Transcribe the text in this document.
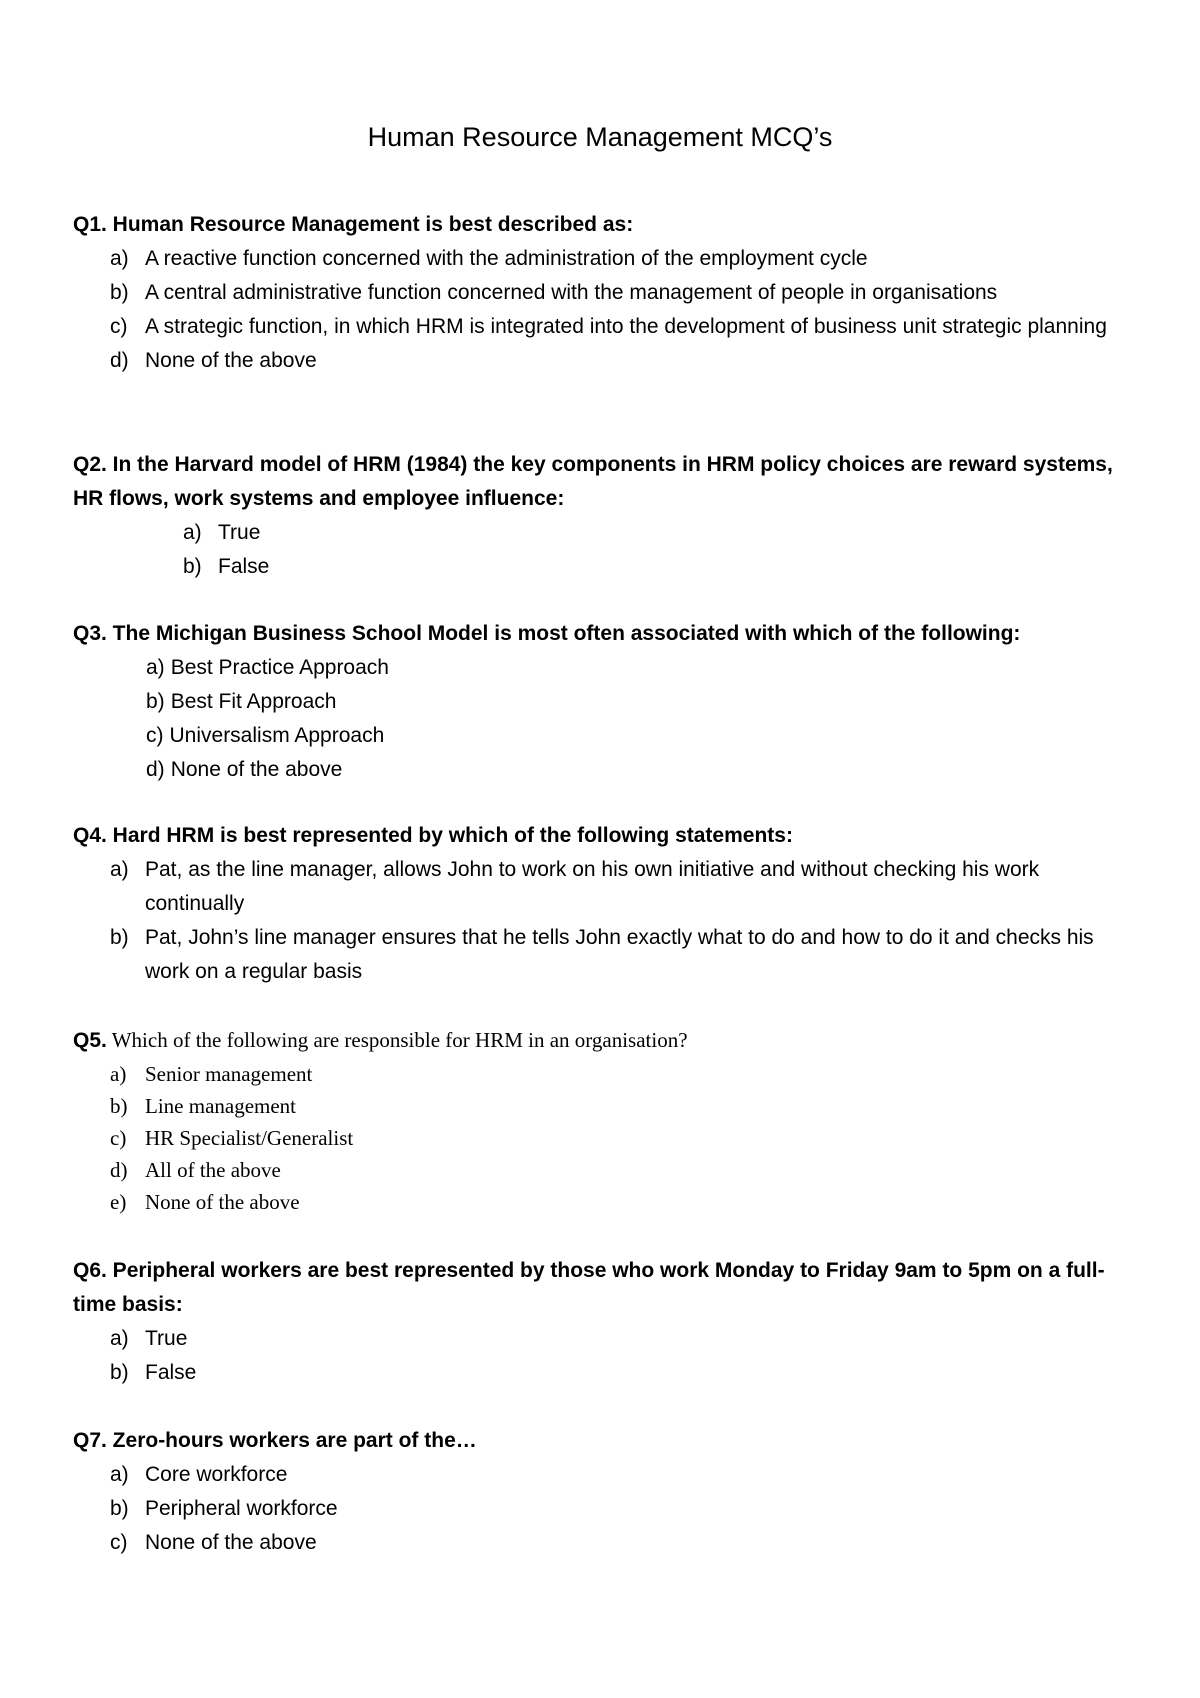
Human Resource Management MCQ’s

Q1. Human Resource Management is best described as:

a) A reactive function concerned with the administration of the employment cycle
b) A central administrative function concerned with the management of people in organisations
c) A strategic function, in which HRM is integrated into the development of business unit strategic planning
d) None of the above

Q2. In the Harvard model of HRM (1984) the key components in HRM policy choices are reward systems, HR flows, work systems and employee influence:

a) True
b) False

Q3. The Michigan Business School Model is most often associated with which of the following:

a) Best Practice Approach
b) Best Fit Approach
c) Universalism Approach
d) None of the above

Q4. Hard HRM is best represented by which of the following statements:

a) Pat, as the line manager, allows John to work on his own initiative and without checking his work continually
b) Pat, John’s line manager ensures that he tells John exactly what to do and how to do it and checks his work on a regular basis

Q5. Which of the following are responsible for HRM in an organisation?

a) Senior management
b) Line management
c) HR Specialist/Generalist
d) All of the above
e) None of the above

Q6. Peripheral workers are best represented by those who work Monday to Friday 9am to 5pm on a full-time basis:

a) True
b) False

Q7. Zero-hours workers are part of the…

a) Core workforce
b) Peripheral workforce
c) None of the above
